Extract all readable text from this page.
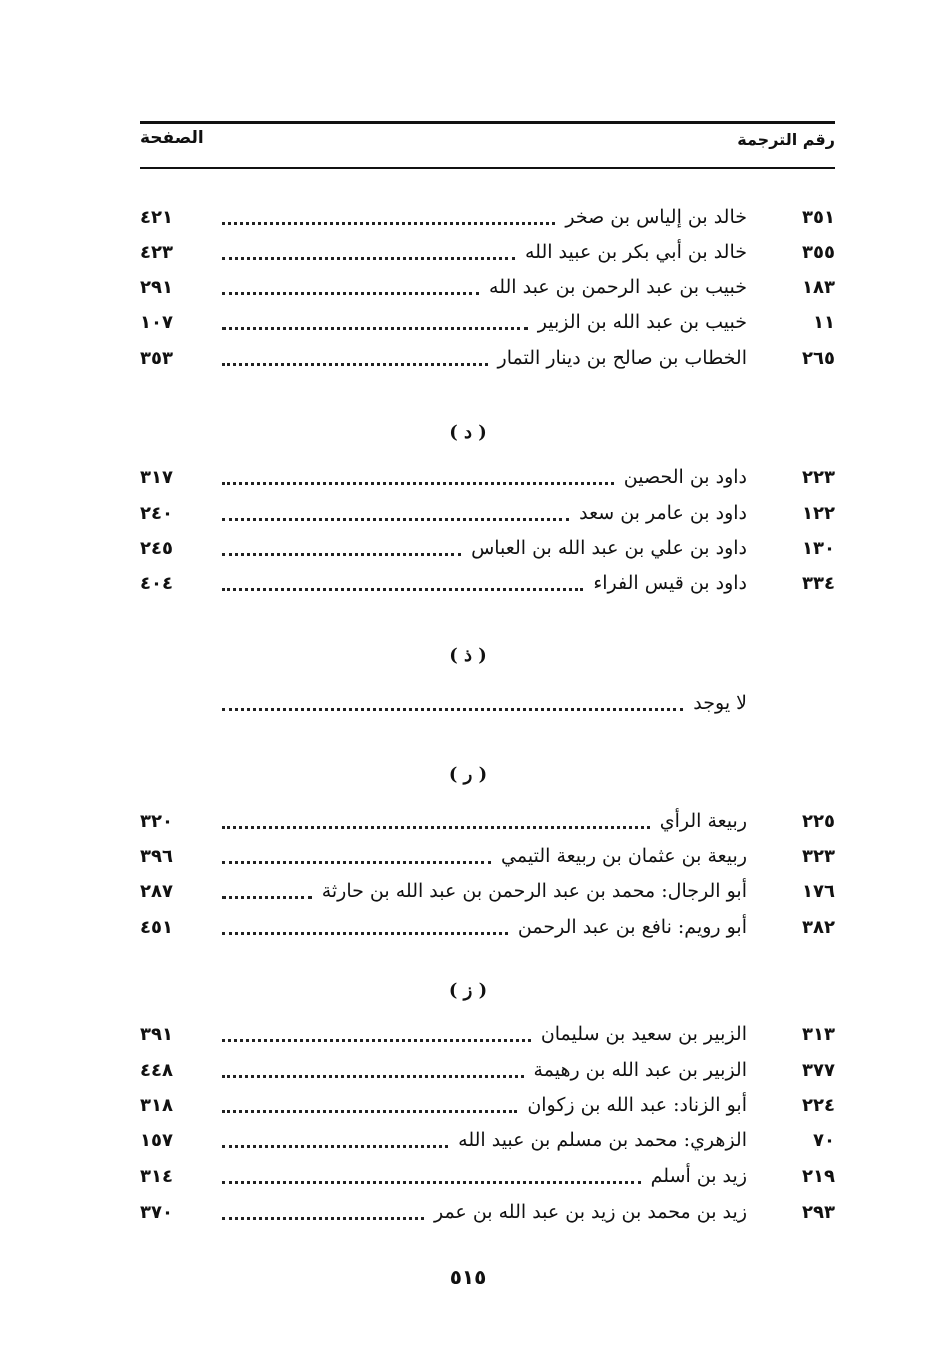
الصفحة	رقم الترجمة
٣٥١
خالد بن إلياس بن صخر
٤٢١
٣٥٥
خالد بن أبي بكر بن عبيد الله
٤٢٣
١٨٣
خبيب بن عبد الرحمن بن عبد الله
٢٩١
١١
خبيب بن عبد الله بن الزبير
١٠٧
٢٦٥
الخطاب بن صالح بن دينار التمار
٣٥٣
( د )
٢٢٣
داود بن الحصين
٣١٧
١٢٢
داود بن عامر بن سعد
٢٤٠
١٣٠
داود بن علي بن عبد الله بن العباس
٢٤٥
٣٣٤
داود بن قيس الفراء
٤٠٤
( ذ )
لا يوجد
( ر )
٢٢٥
ربيعة الرأي
٣٢٠
٣٢٣
ربيعة بن عثمان بن ربيعة التيمي
٣٩٦
١٧٦
أبو الرجال: محمد بن عبد الرحمن بن عبد الله بن حارثة
٢٨٧
٣٨٢
أبو رويم: نافع بن عبد الرحمن
٤٥١
( ز )
٣١٣
الزبير بن سعيد بن سليمان
٣٩١
٣٧٧
الزبير بن عبد الله بن رهيمة
٤٤٨
٢٢٤
أبو الزناد: عبد الله بن زكوان
٣١٨
٧٠
الزهري: محمد بن مسلم بن عبيد الله
١٥٧
٢١٩
زيد بن أسلم
٣١٤
٢٩٣
زيد بن محمد بن زيد بن عبد الله بن عمر
٣٧٠
٥١٥
